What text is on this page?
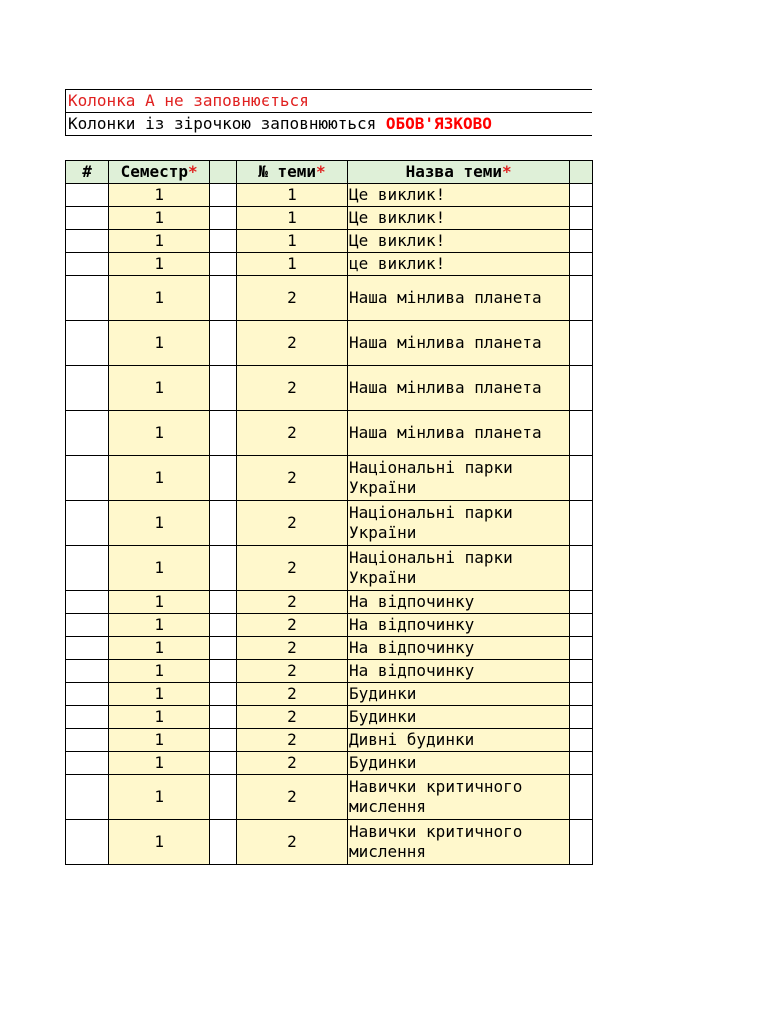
Колонка А не заповнюється
Колонки із зірочкою заповнюються ОБОВ'ЯЗКОВО
#	Семестр*		№ теми*	Назва теми*	
	1		1	Це виклик!	
	1		1	Це виклик!	
	1		1	Це виклик!	
	1		1	це виклик!	
	1		2	Наша мінлива планета	
	1		2	Наша мінлива планета	
	1		2	Наша мінлива планета	
	1		2	Наша мінлива планета	
	1		2	Національні парки України	
	1		2	Національні парки України	
	1		2	Національні парки України	
	1		2	На відпочинку	
	1		2	На відпочинку	
	1		2	На відпочинку	
	1		2	На відпочинку	
	1		2	Будинки	
	1		2	Будинки	
	1		2	Дивні будинки	
	1		2	Будинки	
	1		2	Навички критичного мислення	
	1		2	Навички критичного мислення	
